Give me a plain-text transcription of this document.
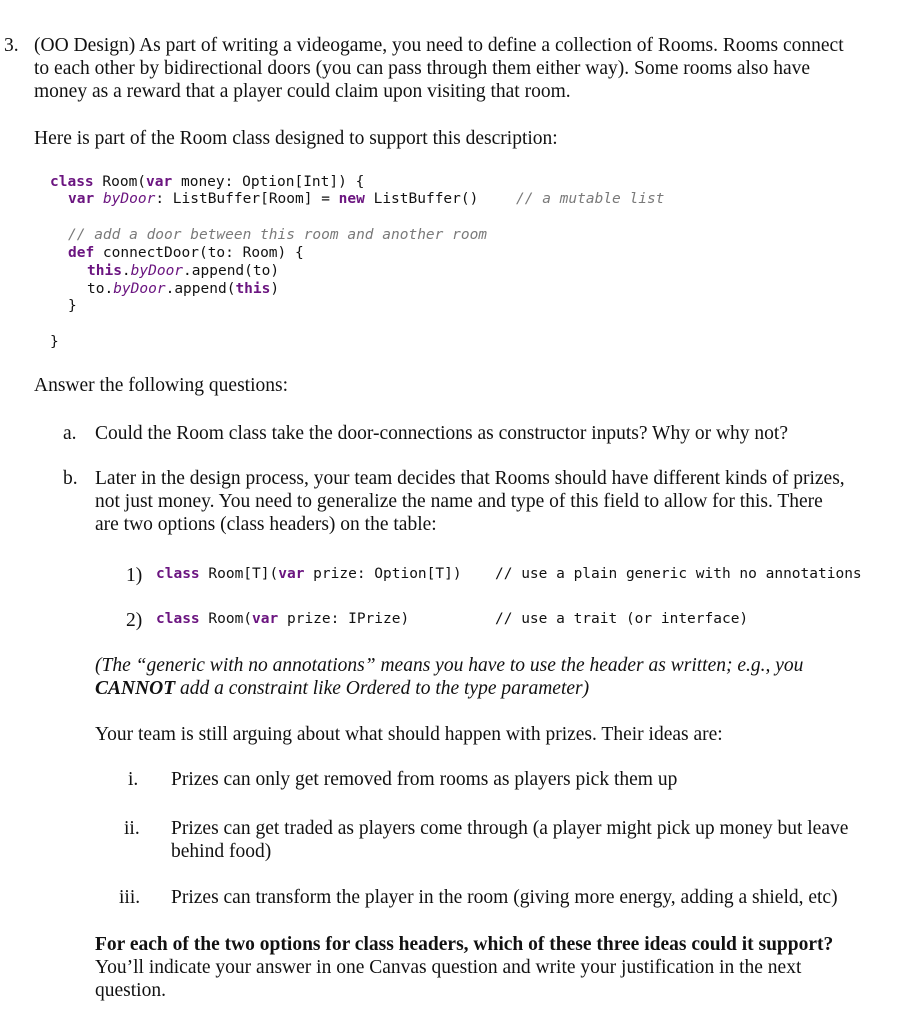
3. (OO Design) As part of writing a videogame, you need to define a collection of Rooms. Rooms connect
to each other by bidirectional doors (you can pass through them either way). Some rooms also have
money as a reward that a player could claim upon visiting that room.
Here is part of the Room class designed to support this description:
class Room(var money: Option[Int]) {
var byDoor: ListBuffer[Room] = new ListBuffer()	// a mutable list
// add a door between this room and another room
def connectDoor(to: Room) {
this.byDoor.append(to)
to.byDoor.append(this)
}
}
Answer the following questions:
a. Could the Room class take the door-connections as constructor inputs? Why or why not?
b. Later in the design process, your team decides that Rooms should have different kinds of prizes,
not just money. You need to generalize the name and type of this field to allow for this. There
are two options (class headers) on the table:
1) class Room[T](var prize: Option[T]) // use a plain generic with no annotations
2) class Room(var prize: IPrize)	// use a trait (or interface)
(The “generic with no annotations” means you have to use the header as written; e.g., you
CANNOT add a constraint like Ordered to the type parameter)
Your team is still arguing about what should happen with prizes. Their ideas are:
i. Prizes can only get removed from rooms as players pick them up
ii. Prizes can get traded as players come through (a player might pick up money but leave
behind food)
iii. Prizes can transform the player in the room (giving more energy, adding a shield, etc)
For each of the two options for class headers, which of these three ideas could it support?
You’ll indicate your answer in one Canvas question and write your justification in the next
question.
